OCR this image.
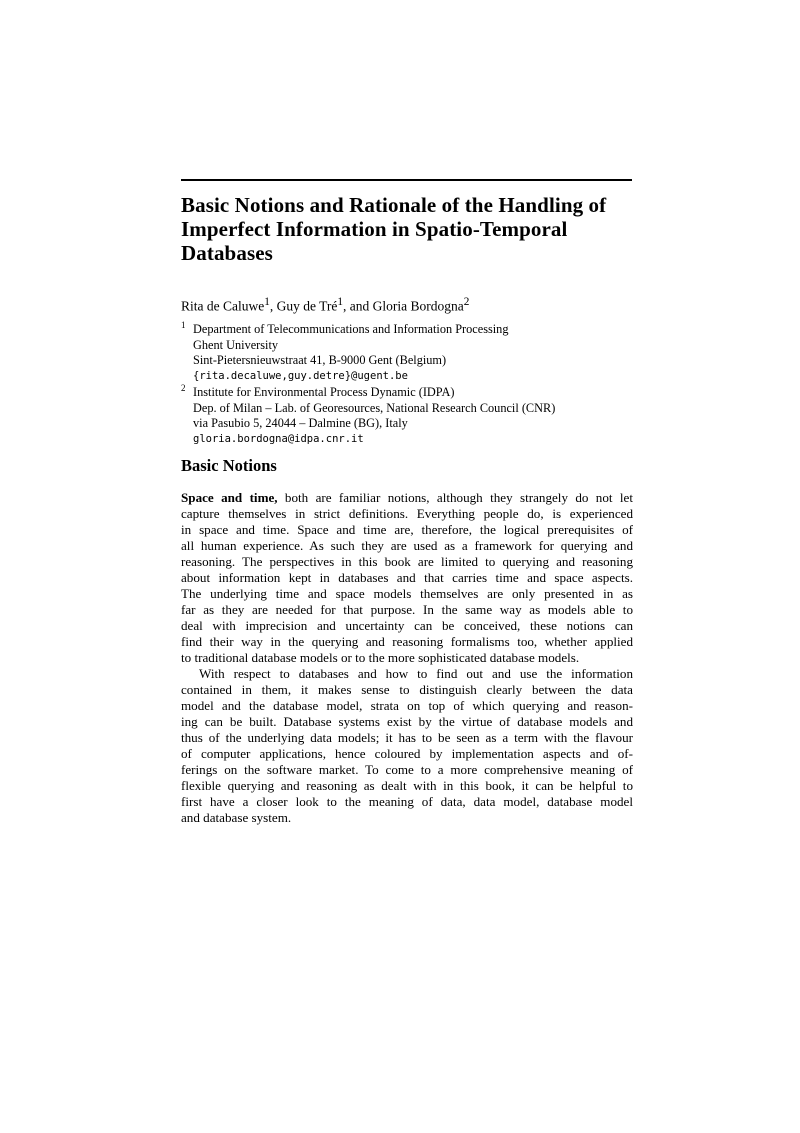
Basic Notions and Rationale of the Handling of
Imperfect Information in Spatio-Temporal
Databases

Rita de Caluwe$^1$, Guy de Tré$^1$, and Gloria Bordogna$^2$

1 Department of Telecommunications and Information Processing
Ghent University
Sint-Pietersnieuwstraat 41, B-9000 Gent (Belgium)
{rita.decaluwe,guy.detre}@ugent.be
2 Institute for Environmental Process Dynamic (IDPA)
Dep. of Milan – Lab. of Georesources, National Research Council (CNR)
via Pasubio 5, 24044 – Dalmine (BG), Italy
gloria.bordogna@idpa.cnr.it
Basic Notions
Space and time, both are familiar notions, although they strangely do not let
capture themselves in strict definitions. Everything people do, is experienced
in space and time. Space and time are, therefore, the logical prerequisites of
all human experience. As such they are used as a framework for querying and
reasoning. The perspectives in this book are limited to querying and reasoning
about information kept in databases and that carries time and space aspects.
The underlying time and space models themselves are only presented in as
far as they are needed for that purpose. In the same way as models able to
deal with imprecision and uncertainty can be conceived, these notions can
find their way in the querying and reasoning formalisms too, whether applied
to traditional database models or to the more sophisticated database models.
With respect to databases and how to find out and use the information
contained in them, it makes sense to distinguish clearly between the data
model and the database model, strata on top of which querying and reason-
ing can be built. Database systems exist by the virtue of database models and
thus of the underlying data models; it has to be seen as a term with the flavour
of computer applications, hence coloured by implementation aspects and of-
ferings on the software market. To come to a more comprehensive meaning of
flexible querying and reasoning as dealt with in this book, it can be helpful to
first have a closer look to the meaning of data, data model, database model
and database system.
